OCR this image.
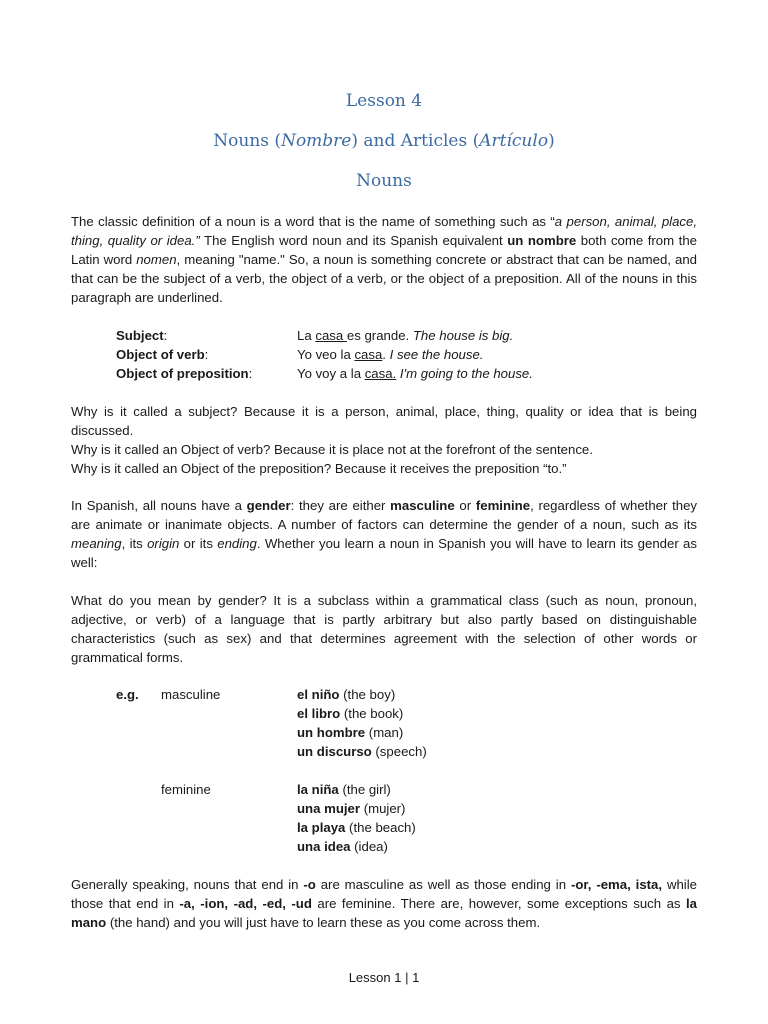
Lesson 4
Nouns (Nombre) and Articles (Artículo)
Nouns

The classic definition of a noun is a word that is the name of something such as “a person, animal, place, thing, quality or idea.” The English word noun and its Spanish equivalent un nombre both come from the Latin word nomen, meaning "name." So, a noun is something concrete or abstract that can be named, and that can be the subject of a verb, the object of a verb, or the object of a preposition. All of the nouns in this paragraph are underlined.

Subject:	La casa es grande. The house is big.
Object of verb:	Yo veo la casa. I see the house.
Object of preposition:	Yo voy a la casa. I'm going to the house.

Why is it called a subject? Because it is a person, animal, place, thing, quality or idea that is being discussed.

Why is it called an Object of verb? Because it is place not at the forefront of the sentence.

Why is it called an Object of the preposition? Because it receives the preposition “to.”

In Spanish, all nouns have a gender: they are either masculine or feminine, regardless of whether they are animate or inanimate objects. A number of factors can determine the gender of a noun, such as its meaning, its origin or its ending. Whether you learn a noun in Spanish you will have to learn its gender as well:

What do you mean by gender? It is a subclass within a grammatical class (such as noun, pronoun, adjective, or verb) of a language that is partly arbitrary but also partly based on distinguishable characteristics (such as sex) and that determines agreement with the selection of other words or grammatical forms.

e.g. masculine	el niño (the boy)
el libro (the book)
un hombre (man)
un discurso (speech)
feminine	la niña (the girl)
una mujer (mujer)
la playa (the beach)
una idea (idea)

Generally speaking, nouns that end in -o are masculine as well as those ending in -or, -ema, ista, while those that end in -a, -ion, -ad, -ed, -ud are feminine. There are, however, some exceptions such as la mano (the hand) and you will just have to learn these as you come across them.

Lesson 1 | 1
